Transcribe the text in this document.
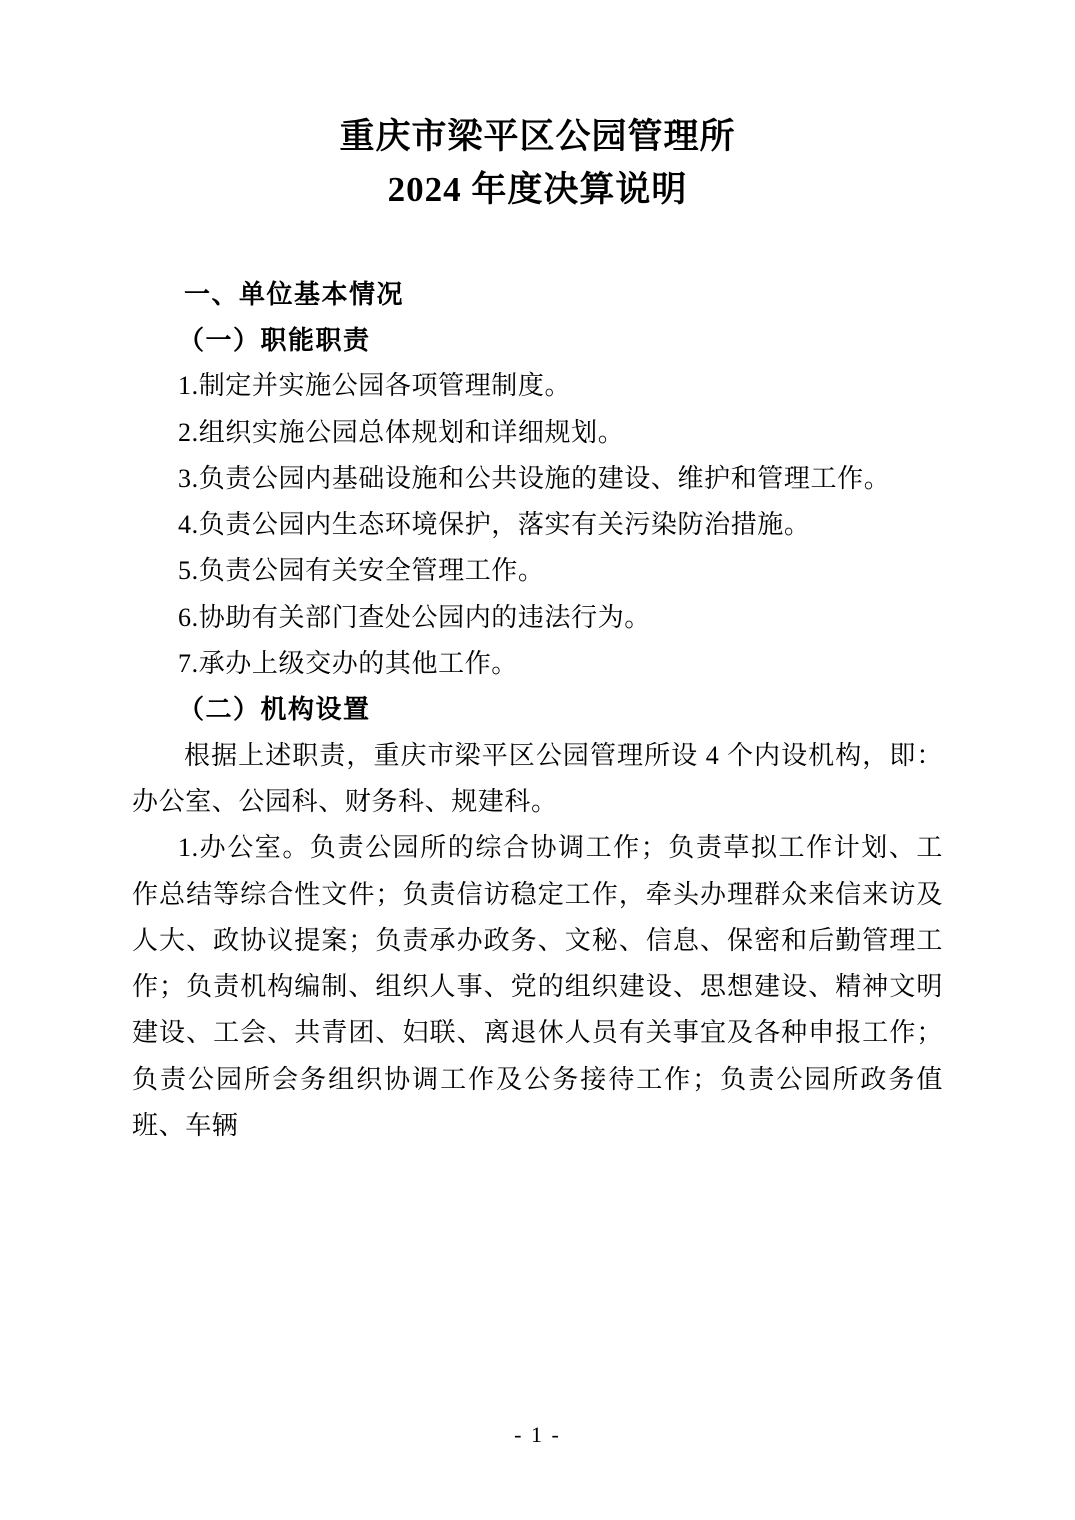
重庆市梁平区公园管理所
2024 年度决算说明

一、单位基本情况

（一）职能职责

1.制定并实施公园各项管理制度。

2.组织实施公园总体规划和详细规划。

3.负责公园内基础设施和公共设施的建设、维护和管理工作。

4.负责公园内生态环境保护，落实有关污染防治措施。

5.负责公园有关安全管理工作。

6.协助有关部门查处公园内的违法行为。

7.承办上级交办的其他工作。

（二）机构设置

根据上述职责，重庆市梁平区公园管理所设 4 个内设机构，即：办公室、公园科、财务科、规建科。

1.办公室。负责公园所的综合协调工作；负责草拟工作计划、工作总结等综合性文件；负责信访稳定工作，牵头办理群众来信来访及人大、政协议提案；负责承办政务、文秘、信息、保密和后勤管理工作；负责机构编制、组织人事、党的组织建设、思想建设、精神文明建设、工会、共青团、妇联、离退休人员有关事宜及各种申报工作；负责公园所会务组织协调工作及公务接待工作；负责公园所政务值班、车辆

- 1 -
